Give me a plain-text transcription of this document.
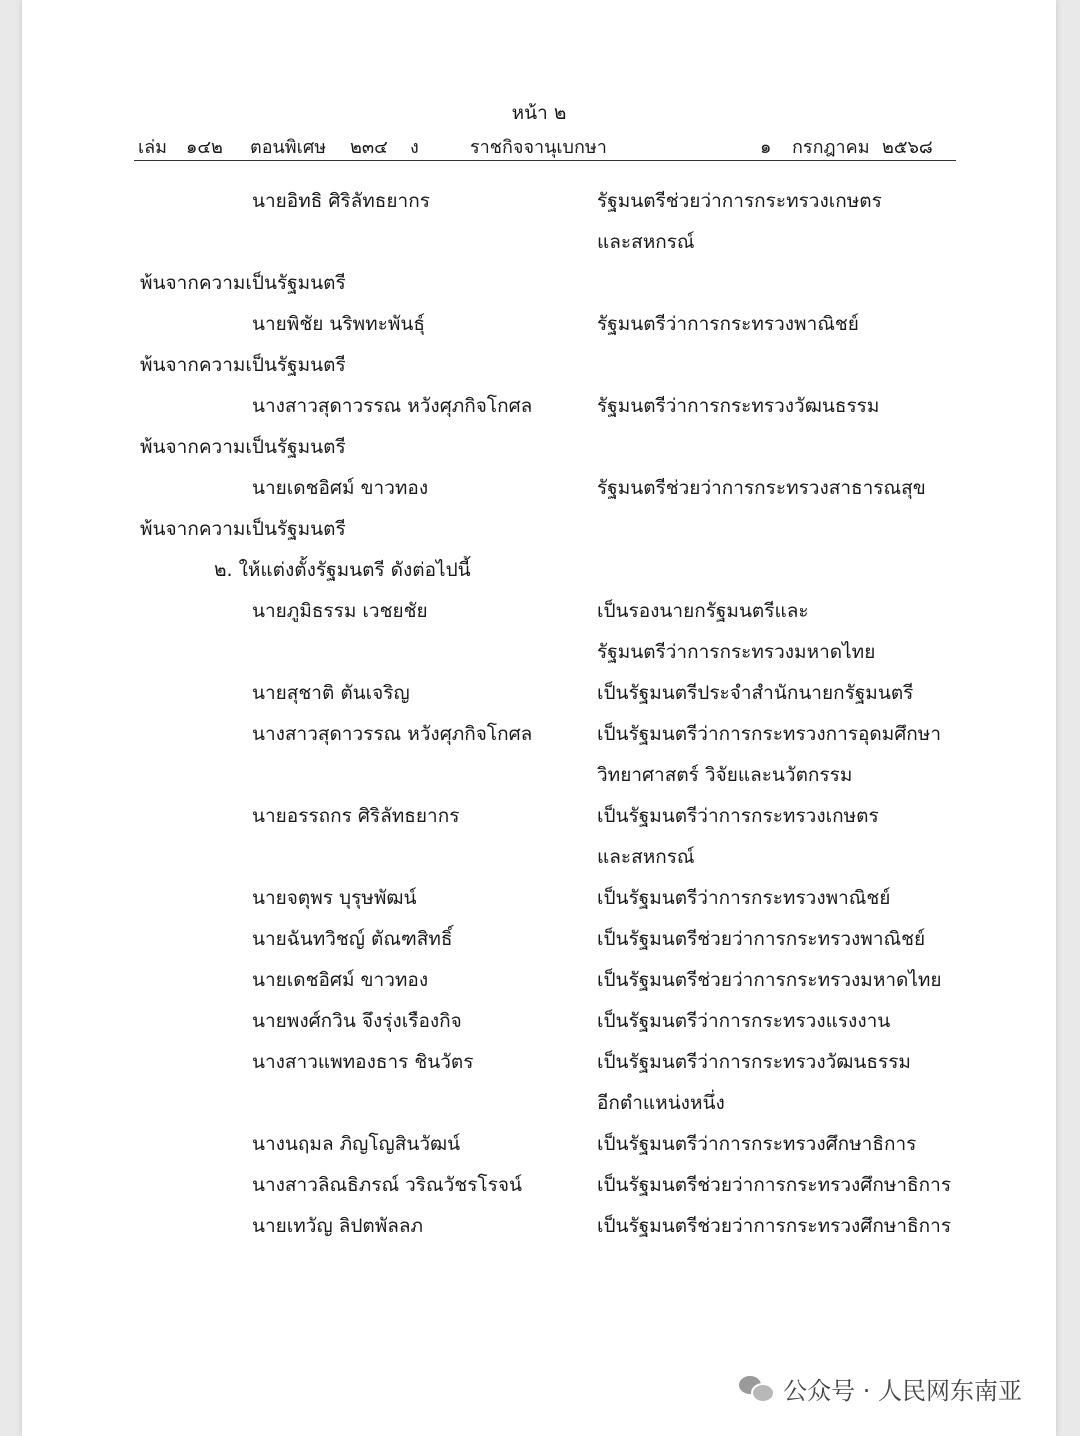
หน้า ๒
เล่ม ๑๔๒ ตอนพิเศษ ๒๓๔ ง	ราชกิจจานุเบกษา	๑ กรกฎาคม ๒๕๖๘
นายอิทธิ ศิริลัทธยากร	รัฐมนตรีช่วยว่าการกระทรวงเกษตร
และสหกรณ์
พ้นจากความเป็นรัฐมนตรี
นายพิชัย นริพทะพันธุ์	รัฐมนตรีว่าการกระทรวงพาณิชย์
พ้นจากความเป็นรัฐมนตรี
นางสาวสุดาวรรณ หวังศุภกิจโกศล	รัฐมนตรีว่าการกระทรวงวัฒนธรรม
พ้นจากความเป็นรัฐมนตรี
นายเดชอิศม์ ขาวทอง	รัฐมนตรีช่วยว่าการกระทรวงสาธารณสุข
พ้นจากความเป็นรัฐมนตรี
๒. ให้แต่งตั้งรัฐมนตรี ดังต่อไปนี้
นายภูมิธรรม เวชยชัย	เป็นรองนายกรัฐมนตรีและ
รัฐมนตรีว่าการกระทรวงมหาดไทย
นายสุชาติ ตันเจริญ	เป็นรัฐมนตรีประจำสำนักนายกรัฐมนตรี
นางสาวสุดาวรรณ หวังศุภกิจโกศล	เป็นรัฐมนตรีว่าการกระทรวงการอุดมศึกษา
วิทยาศาสตร์ วิจัยและนวัตกรรม
นายอรรถกร ศิริลัทธยากร	เป็นรัฐมนตรีว่าการกระทรวงเกษตร
และสหกรณ์
นายจตุพร บุรุษพัฒน์	เป็นรัฐมนตรีว่าการกระทรวงพาณิชย์
นายฉันทวิชญ์ ตัณฑสิทธิ์	เป็นรัฐมนตรีช่วยว่าการกระทรวงพาณิชย์
นายเดชอิศม์ ขาวทอง	เป็นรัฐมนตรีช่วยว่าการกระทรวงมหาดไทย
นายพงศ์กวิน จึงรุ่งเรืองกิจ	เป็นรัฐมนตรีว่าการกระทรวงแรงงาน
นางสาวแพทองธาร ชินวัตร	เป็นรัฐมนตรีว่าการกระทรวงวัฒนธรรม
อีกตำแหน่งหนึ่ง
นางนฤมล ภิญโญสินวัฒน์	เป็นรัฐมนตรีว่าการกระทรวงศึกษาธิการ
นางสาวลิณธิภรณ์ วริณวัชรโรจน์	เป็นรัฐมนตรีช่วยว่าการกระทรวงศึกษาธิการ
นายเทวัญ ลิปตพัลลภ	เป็นรัฐมนตรีช่วยว่าการกระทรวงศึกษาธิการ
公众号 · 人民网东南亚
